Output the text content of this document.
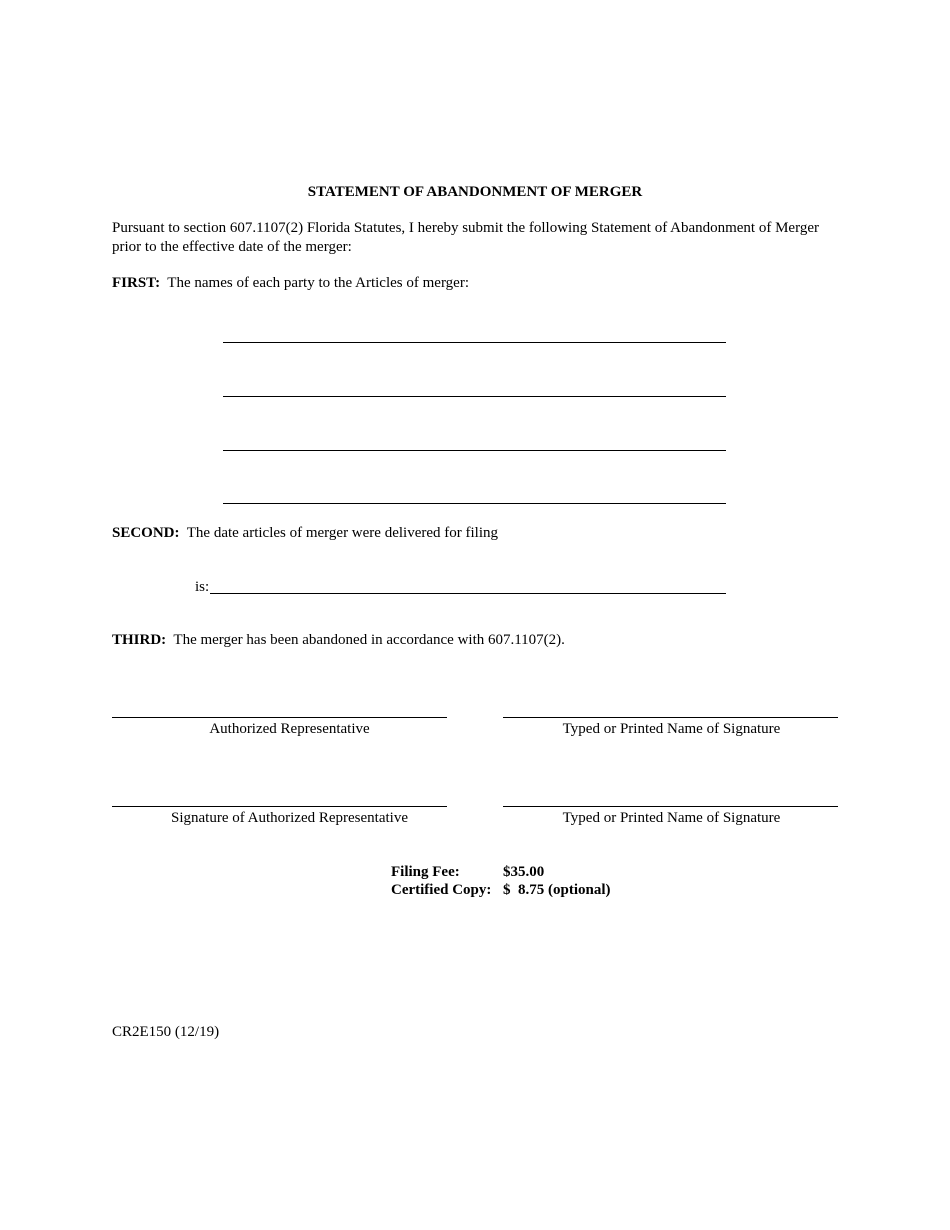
STATEMENT OF ABANDONMENT OF MERGER
Pursuant to section 607.1107(2) Florida Statutes, I hereby submit the following Statement of Abandonment of Merger prior to the effective date of the merger:
FIRST: The names of each party to the Articles of merger:
SECOND: The date articles of merger were delivered for filing
is:
THIRD: The merger has been abandoned in accordance with 607.1107(2).
Authorized Representative	Typed or Printed Name of Signature
Signature of Authorized Representative	Typed or Printed Name of Signature
Filing Fee:	$35.00
Certified Copy: $  8.75 (optional)
CR2E150 (12/19)
